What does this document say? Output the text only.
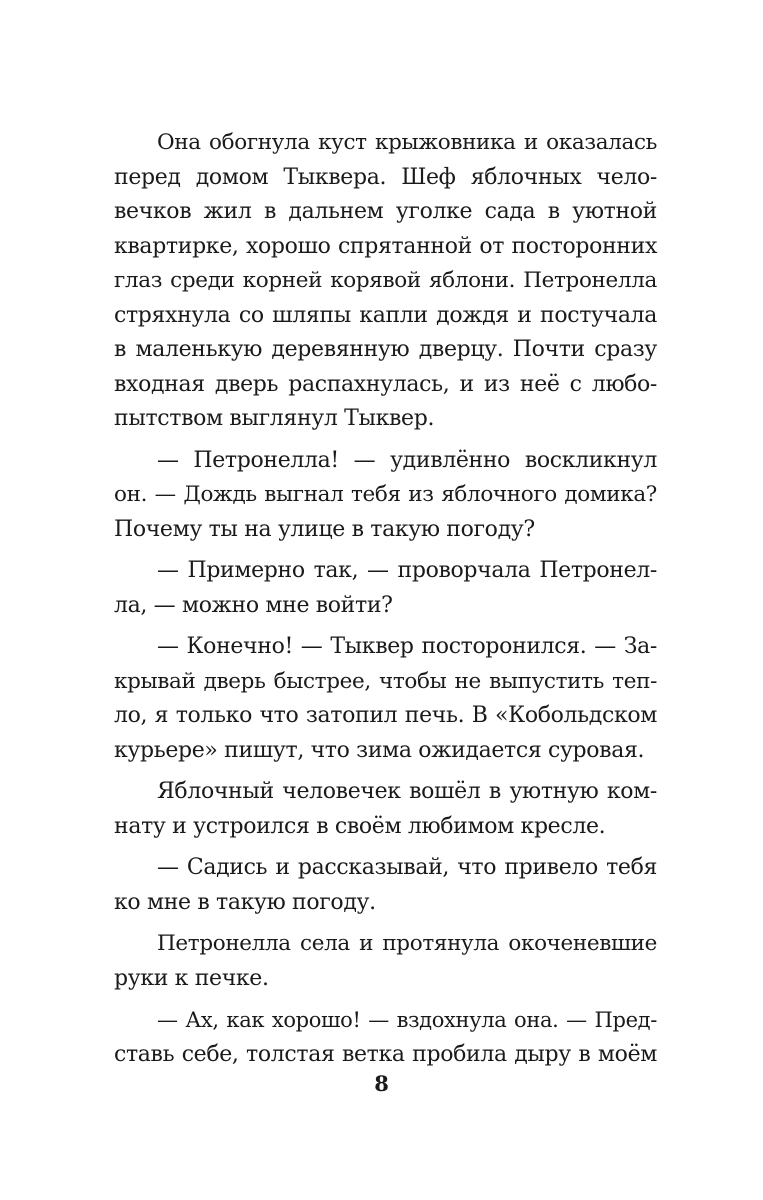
Она обогнула куст крыжовника и оказалась
перед домом Тыквера. Шеф яблочных чело-
вечков жил в дальнем уголке сада в уютной
квартирке, хорошо спрятанной от посторонних
глаз среди корней корявой яблони. Петронелла
стряхнула со шляпы капли дождя и постучала
в маленькую деревянную дверцу. Почти сразу
входная дверь распахнулась, и из неё с любо-
пытством выглянул Тыквер.
— Петронелла! — удивлённо воскликнул
он. — Дождь выгнал тебя из яблочного домика?
Почему ты на улице в такую погоду?
— Примерно так, — проворчала Петронел-
ла, — можно мне войти?
— Конечно! — Тыквер посторонился. — За-
крывай дверь быстрее, чтобы не выпустить теп-
ло, я только что затопил печь. В «Кобольдском
курьере» пишут, что зима ожидается суровая.
Яблочный человечек вошёл в уютную ком-
нату и устроился в своём любимом кресле.
— Садись и рассказывай, что привело тебя
ко мне в такую погоду.
Петронелла села и протянула окоченевшие
руки к печке.
— Ах, как хорошо! — вздохнула она. — Пред-
ставь себе, толстая ветка пробила дыру в моём
8
